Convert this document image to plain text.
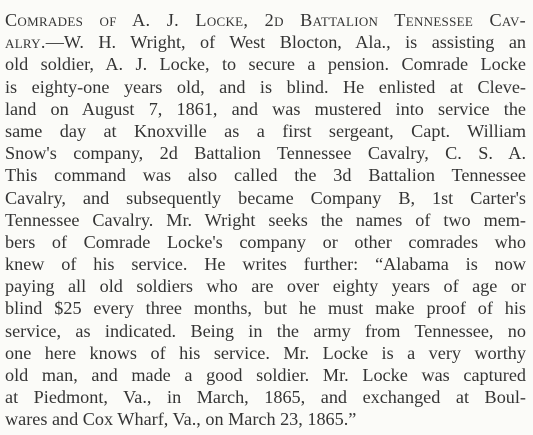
Comrades of A. J. Locke, 2d Battalion Tennessee Cav-
alry.—W. H. Wright, of West Blocton, Ala., is assisting an
old soldier, A. J. Locke, to secure a pension. Comrade Locke
is eighty-one years old, and is blind. He enlisted at Cleve-
land on August 7, 1861, and was mustered into service the
same day at Knoxville as a first sergeant, Capt. William
Snow's company, 2d Battalion Tennessee Cavalry, C. S. A.
This command was also called the 3d Battalion Tennessee
Cavalry, and subsequently became Company B, 1st Carter's
Tennessee Cavalry. Mr. Wright seeks the names of two mem-
bers of Comrade Locke's company or other comrades who
knew of his service. He writes further: “Alabama is now
paying all old soldiers who are over eighty years of age or
blind $25 every three months, but he must make proof of his
service, as indicated. Being in the army from Tennessee, no
one here knows of his service. Mr. Locke is a very worthy
old man, and made a good soldier. Mr. Locke was captured
at Piedmont, Va., in March, 1865, and exchanged at Boul-
wares and Cox Wharf, Va., on March 23, 1865.”
